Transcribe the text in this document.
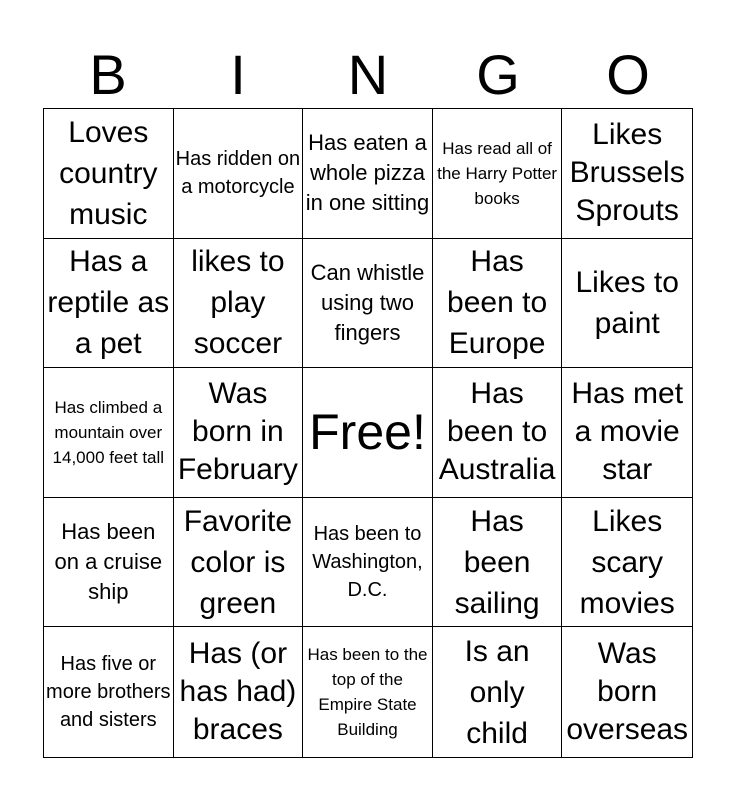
B	I	N	G	O
Loves country music
Has ridden on a motorcycle
Has eaten a whole pizza in one sitting
Has read all of the Harry Potter books
Likes Brussels Sprouts
Has a reptile as a pet
likes to play soccer
Can whistle using two fingers
Has been to Europe
Likes to paint
Has climbed a mountain over 14,000 feet tall
Was born in February
Free!
Has been to Australia
Has met a movie star
Has been on a cruise ship
Favorite color is green
Has been to Washington, D.C.
Has been sailing
Likes scary movies
Has five or more brothers and sisters
Has (or has had) braces
Has been to the top of the Empire State Building
Is an only child
Was born overseas
